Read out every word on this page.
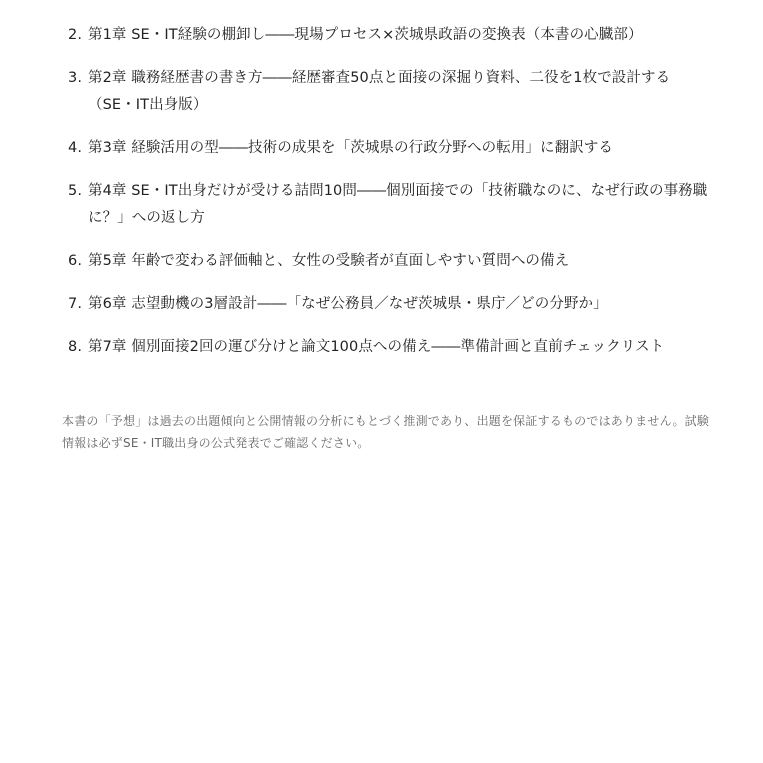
2. 第1章 SE・IT経験の棚卸し――現場プロセス×茨城県政語の変換表（本書の心臓部）
3. 第2章 職務経歴書の書き方――経歴審査50点と面接の深掘り資料、二役を1枚で設計する（SE・IT出身版）
4. 第3章 経験活用の型――技術の成果を「茨城県の行政分野への転用」に翻訳する
5. 第4章 SE・IT出身だけが受ける詰問10問――個別面接での「技術職なのに、なぜ行政の事務職に？」への返し方
6. 第5章 年齢で変わる評価軸と、女性の受験者が直面しやすい質問への備え
7. 第6章 志望動機の3層設計――「なぜ公務員／なぜ茨城県・県庁／どの分野か」
8. 第7章 個別面接2回の運び分けと論文100点への備え――準備計画と直前チェックリスト

本書の「予想」は過去の出題傾向と公開情報の分析にもとづく推測であり、出題を保証するものではありません。試験情報は必ずSE・IT職出身の公式発表でご確認ください。
